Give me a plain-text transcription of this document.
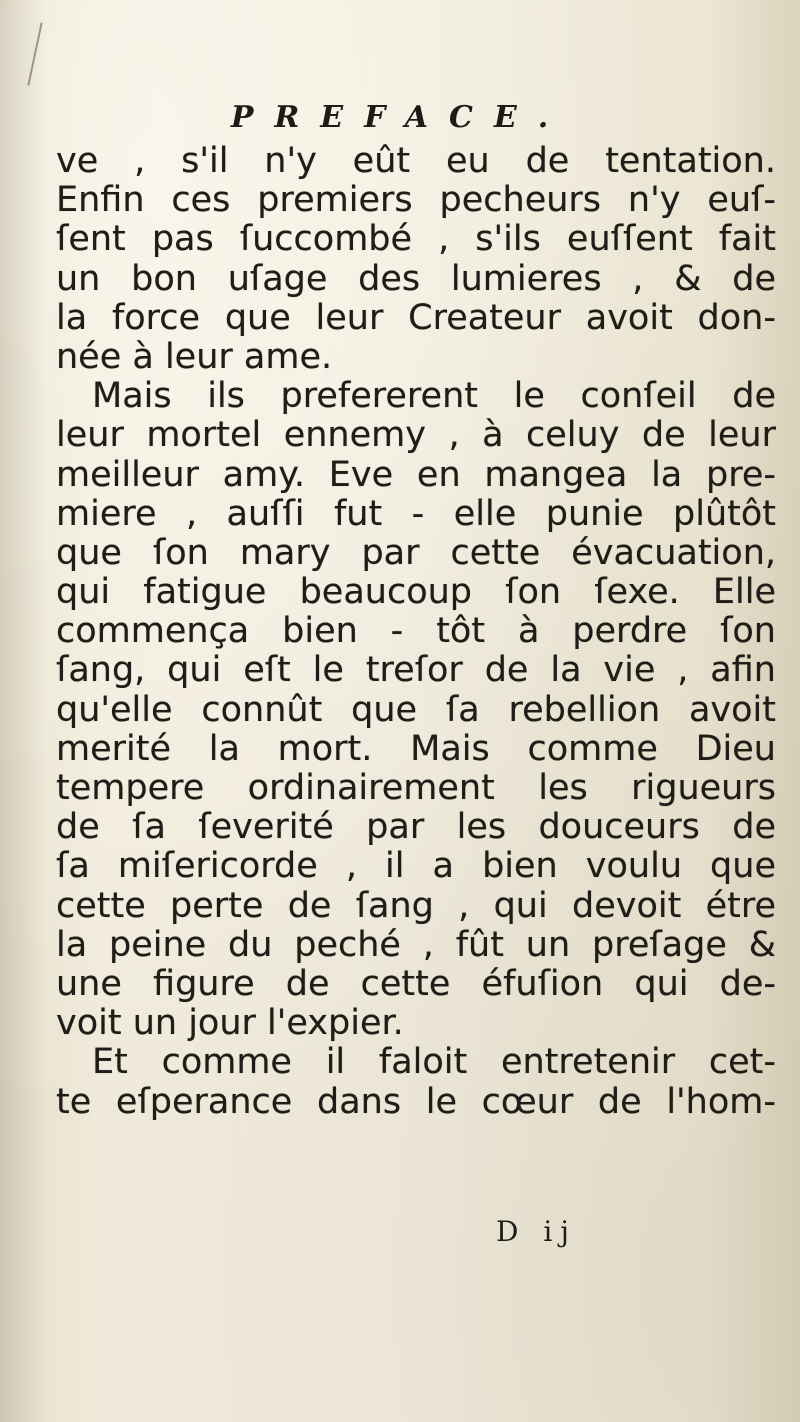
PREFACE.
ve , s'il n'y eût eu de tentation.
Enfin ces premiers pecheurs n'y euſ-
ſent pas ſuccombé , s'ils euſſent fait
un bon uſage des lumieres , & de
la force que leur Createur avoit don-
née à leur ame.
Mais ils prefererent le conſeil de
leur mortel ennemy , à celuy de leur
meilleur amy. Eve en mangea la pre-
miere , auſſi fut - elle punie plûtôt
que ſon mary par cette évacuation,
qui fatigue beaucoup ſon ſexe. Elle
commença bien - tôt à perdre ſon
ſang, qui eſt le treſor de la vie , afin
qu'elle connût que ſa rebellion avoit
merité la mort. Mais comme Dieu
tempere ordinairement les rigueurs
de ſa ſeverité par les douceurs de
ſa miſericorde , il a bien voulu que
cette perte de ſang , qui devoit étre
la peine du peché , fût un preſage &
une figure de cette éfuſion qui de-
voit un jour l'expier.
Et comme il faloit entretenir cet-
te eſperance dans le cœur de l'hom-
D ij
